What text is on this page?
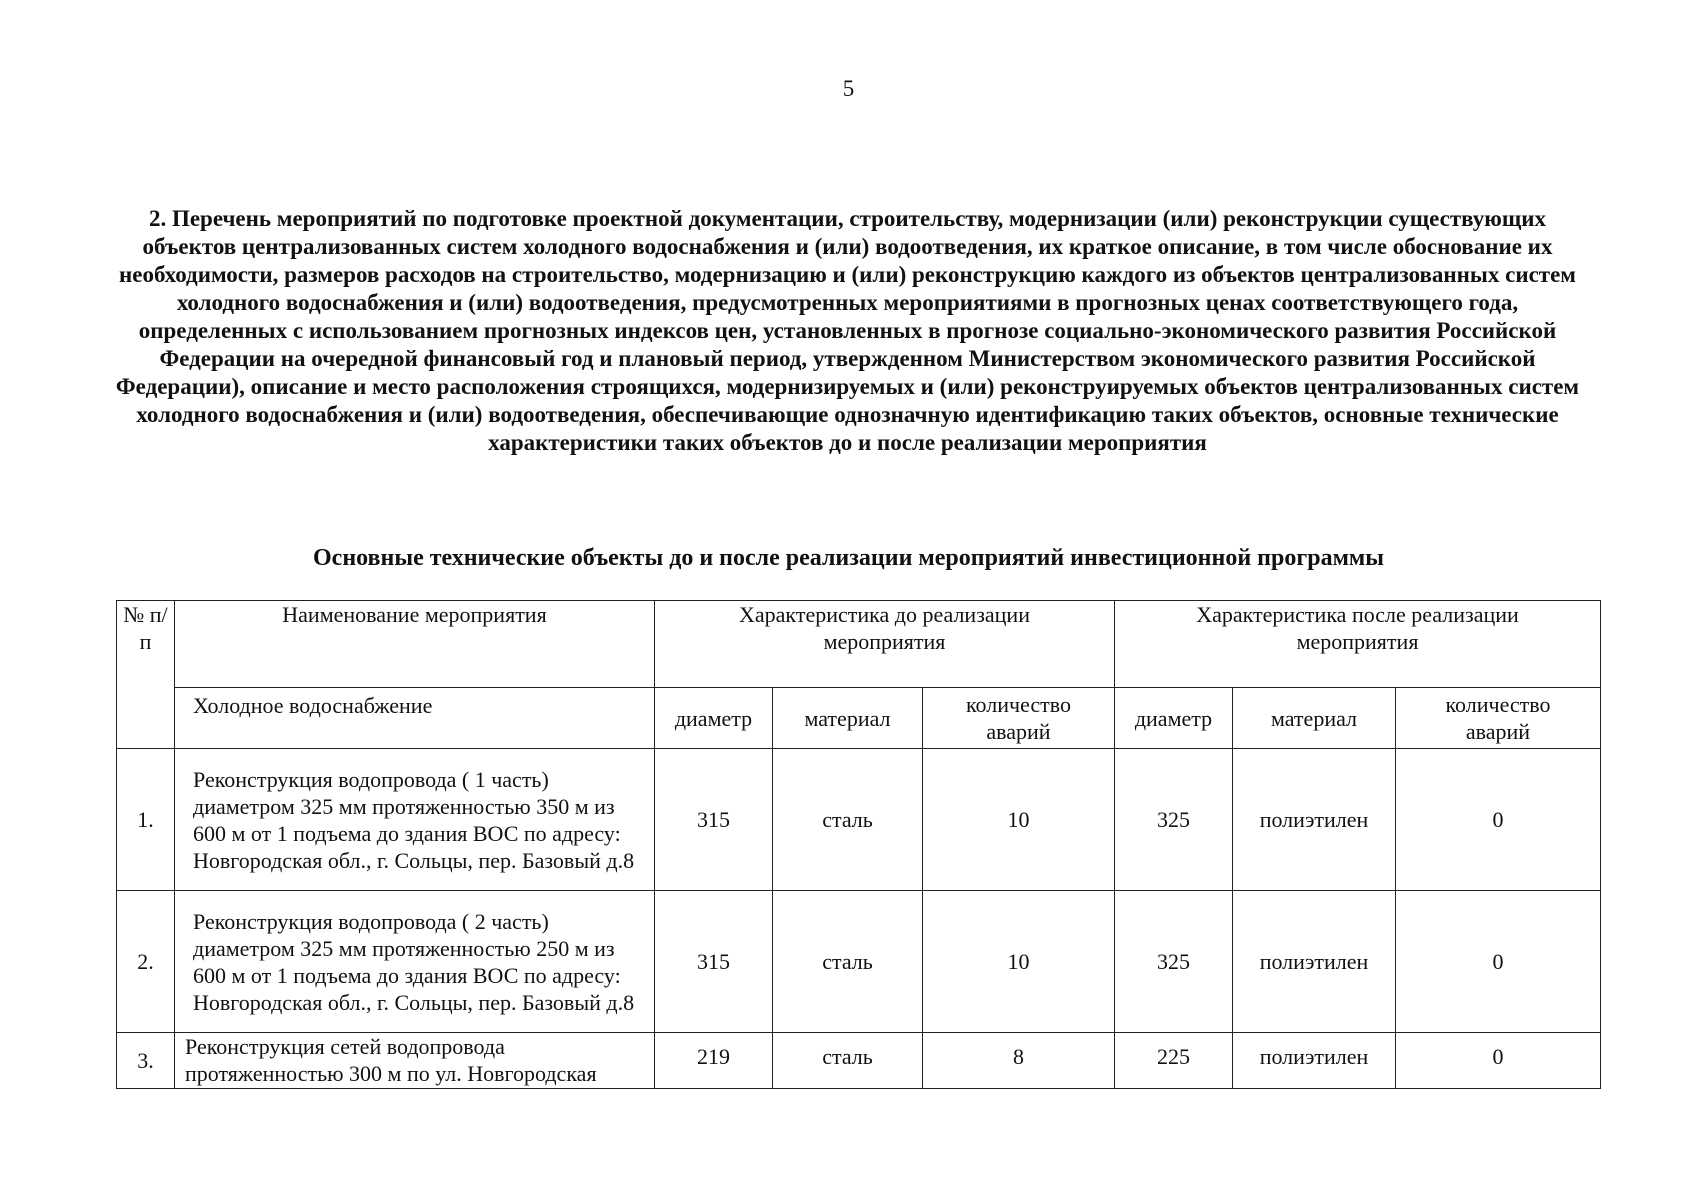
5
2. Перечень мероприятий по подготовке проектной документации, строительству, модернизации (или) реконструкции существующих объектов централизованных систем холодного водоснабжения и (или) водоотведения, их краткое описание, в том числе обоснование их необходимости, размеров расходов на строительство, модернизацию и (или) реконструкцию каждого из объектов централизованных систем холодного водоснабжения и (или) водоотведения, предусмотренных мероприятиями в прогнозных ценах соответствующего года, определенных с использованием прогнозных индексов цен, установленных в прогнозе социально-экономического развития Российской Федерации на очередной финансовый год и плановый период, утвержденном Министерством экономического развития Российской Федерации), описание и место расположения строящихся, модернизируемых и (или) реконструируемых объектов централизованных систем холодного водоснабжения и (или) водоотведения, обеспечивающие однозначную идентификацию таких объектов, основные технические характеристики таких объектов до и после реализации мероприятия
Основные технические объекты до и после реализации мероприятий инвестиционной программы
№ п/п	Наименование мероприятия	Характеристика до реализации мероприятия			Характеристика после реализации мероприятия		

	Холодное водоснабжение	диаметр	материал	количество аварий	диаметр	материал	количество аварий

1.	Реконструкция водопровода ( 1 часть) диаметром 325 мм протяженностью 350 м из 600 м от 1 подъема до здания ВОС по адресу: Новгородская обл., г. Сольцы, пер. Базовый д.8	315	сталь	10	325	полиэтилен	0
2.	Реконструкция водопровода ( 2 часть) диаметром 325 мм протяженностью 250 м из 600 м от 1 подъема до здания ВОС по адресу: Новгородская обл., г. Сольцы, пер. Базовый д.8	315	сталь	10	325	полиэтилен	0
3.	Реконструкция сетей водопровода протяженностью 300 м по ул. Новгородская	219	сталь	8	225	полиэтилен	0
